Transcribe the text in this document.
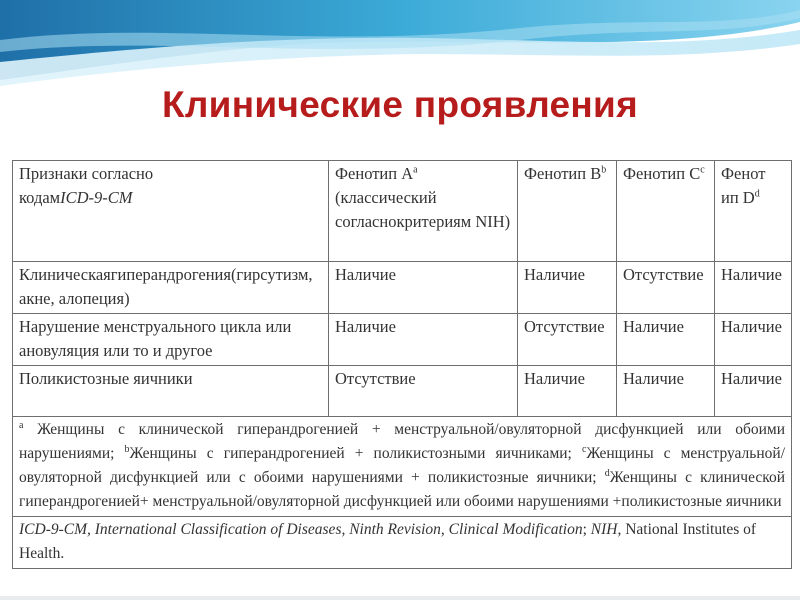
Клинические проявления
Признаки согласно
кодамICD-9-CM	Фенотип $A^a$ (классический согласнокритериям NIH)	Фенотип $B^b$	Фенотип $C^c$	Фенот ип $D^d$
Клиническаягиперандрогения(гирсутизм, акне, алопеция)	Наличие	Наличие	Отсутствие	Наличие
Нарушение менструального цикла или ановуляция или то и другое	Наличие	Отсутствие	Наличие	Наличие
Поликистозные яичники	Отсутствие	Наличие	Наличие	Наличие
$^a$ Женщины с клинической гиперандрогенией + менструальной/овуляторной дисфункцией или обоими нарушениями; $^b$Женщины с гиперандрогенией + поликистозными яичниками; $^c$Женщины с менструальной/овуляторной дисфункцией или с обоими нарушениями + поликистозные яичники; $^d$Женщины с клинической гиперандрогенией+ менструальной/овуляторной дисфункцией или обоими нарушениями +поликистозные яичники				
ICD-9-CM, International Classification of Diseases, Ninth Revision, Clinical Modification; NIH, National Institutes of Health.				
